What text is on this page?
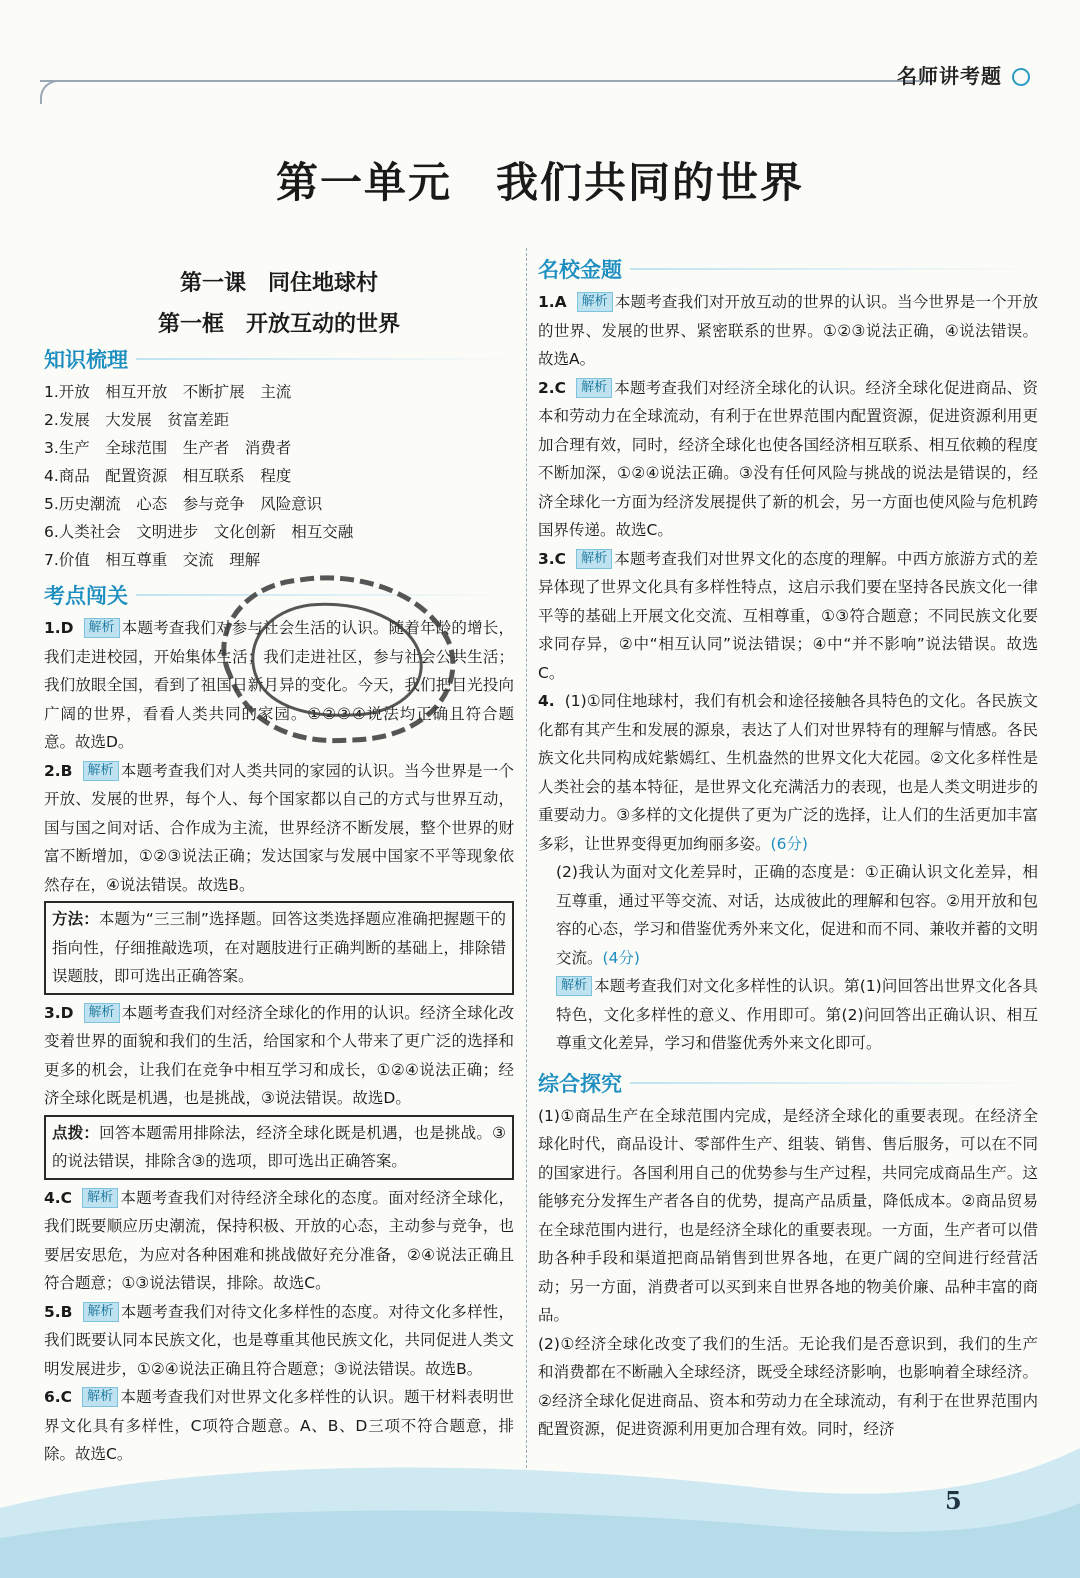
名师讲考题
第一单元　我们共同的世界
第一课　同住地球村
第一框　开放互动的世界
知识梳理
1.开放　相互开放　不断扩展　主流
2.发展　大发展　贫富差距
3.生产　全球范围　生产者　消费者
4.商品　配置资源　相互联系　程度
5.历史潮流　心态　参与竞争　风险意识
6.人类社会　文明进步　文化创新　相互交融
7.价值　相互尊重　交流　理解
考点闯关

1.D 解析 本题考查我们对参与社会生活的认识。随着年龄的增长，我们走进校园，开始集体生活；我们走进社区，参与社会公共生活；我们放眼全国，看到了祖国日新月异的变化。今天，我们把目光投向广阔的世界，看看人类共同的家园。①②③④说法均正确且符合题意。故选D。

2.B 解析 本题考查我们对人类共同的家园的认识。当今世界是一个开放、发展的世界，每个人、每个国家都以自己的方式与世界互动，国与国之间对话、合作成为主流，世界经济不断发展，整个世界的财富不断增加，①②③说法正确；发达国家与发展中国家不平等现象依然存在，④说法错误。故选B。

方法：本题为“三三制”选择题。回答这类选择题应准确把握题干的指向性，仔细推敲选项，在对题肢进行正确判断的基础上，排除错误题肢，即可选出正确答案。

3.D 解析 本题考查我们对经济全球化的作用的认识。经济全球化改变着世界的面貌和我们的生活，给国家和个人带来了更广泛的选择和更多的机会，让我们在竞争中相互学习和成长，①②④说法正确；经济全球化既是机遇，也是挑战，③说法错误。故选D。

点拨：回答本题需用排除法，经济全球化既是机遇，也是挑战。③的说法错误，排除含③的选项，即可选出正确答案。

4.C 解析 本题考查我们对待经济全球化的态度。面对经济全球化，我们既要顺应历史潮流，保持积极、开放的心态，主动参与竞争，也要居安思危，为应对各种困难和挑战做好充分准备，②④说法正确且符合题意；①③说法错误，排除。故选C。

5.B 解析 本题考查我们对待文化多样性的态度。对待文化多样性，我们既要认同本民族文化，也是尊重其他民族文化，共同促进人类文明发展进步，①②④说法正确且符合题意；③说法错误。故选B。

6.C 解析 本题考查我们对世界文化多样性的认识。题干材料表明世界文化具有多样性，C项符合题意。A、B、D三项不符合题意，排除。故选C。

名校金题

1.A 解析 本题考查我们对开放互动的世界的认识。当今世界是一个开放的世界、发展的世界、紧密联系的世界。①②③说法正确，④说法错误。故选A。

2.C 解析 本题考查我们对经济全球化的认识。经济全球化促进商品、资本和劳动力在全球流动，有利于在世界范围内配置资源，促进资源利用更加合理有效，同时，经济全球化也使各国经济相互联系、相互依赖的程度不断加深，①②④说法正确。③没有任何风险与挑战的说法是错误的，经济全球化一方面为经济发展提供了新的机会，另一方面也使风险与危机跨国界传递。故选C。

3.C 解析 本题考查我们对世界文化的态度的理解。中西方旅游方式的差异体现了世界文化具有多样性特点，这启示我们要在坚持各民族文化一律平等的基础上开展文化交流、互相尊重，①③符合题意；不同民族文化要求同存异，②中“相互认同”说法错误；④中“并不影响”说法错误。故选C。

4. (1)①同住地球村，我们有机会和途径接触各具特色的文化。各民族文化都有其产生和发展的源泉，表达了人们对世界特有的理解与情感。各民族文化共同构成姹紫嫣红、生机盎然的世界文化大花园。②文化多样性是人类社会的基本特征，是世界文化充满活力的表现，也是人类文明进步的重要动力。③多样的文化提供了更为广泛的选择，让人们的生活更加丰富多彩，让世界变得更加绚丽多姿。(6分)

(2)我认为面对文化差异时，正确的态度是：①正确认识文化差异，相互尊重，通过平等交流、对话，达成彼此的理解和包容。②用开放和包容的心态，学习和借鉴优秀外来文化，促进和而不同、兼收并蓄的文明交流。(4分)

解析 本题考查我们对文化多样性的认识。第(1)问回答出世界文化各具特色，文化多样性的意义、作用即可。第(2)问回答出正确认识、相互尊重文化差异，学习和借鉴优秀外来文化即可。

综合探究

(1)①商品生产在全球范围内完成，是经济全球化的重要表现。在经济全球化时代，商品设计、零部件生产、组装、销售、售后服务，可以在不同的国家进行。各国利用自己的优势参与生产过程，共同完成商品生产。这能够充分发挥生产者各自的优势，提高产品质量，降低成本。②商品贸易在全球范围内进行，也是经济全球化的重要表现。一方面，生产者可以借助各种手段和渠道把商品销售到世界各地，在更广阔的空间进行经营活动；另一方面，消费者可以买到来自世界各地的物美价廉、品种丰富的商品。

(2)①经济全球化改变了我们的生活。无论我们是否意识到，我们的生产和消费都在不断融入全球经济，既受全球经济影响，也影响着全球经济。②经济全球化促进商品、资本和劳动力在全球流动，有利于在世界范围内配置资源，促进资源利用更加合理有效。同时，经济

5
